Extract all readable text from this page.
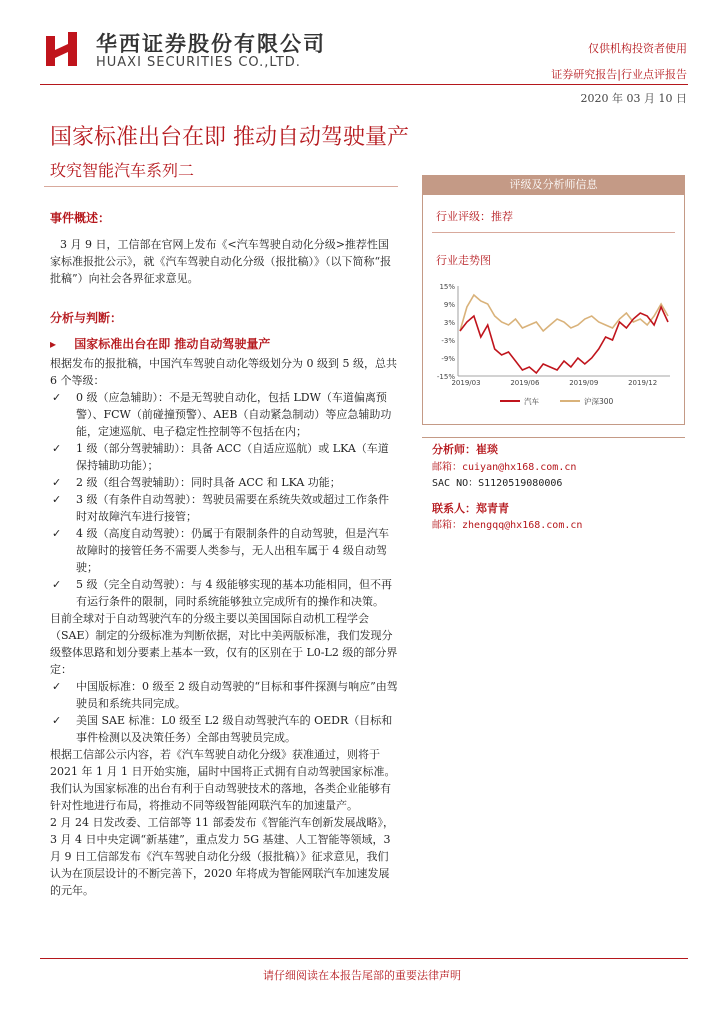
华西证券股份有限公司
HUAXI SECURITIES CO.,LTD.
仅供机构投资者使用
证券研究报告|行业点评报告
2020 年 03 月 10 日
国家标准出台在即 推动自动驾驶量产
玫究智能汽车系列二
事件概述：
3 月 9 日，工信部在官网上发布《<汽车驾驶自动化分级>推荐性国家标准报批公示》，就《汽车驾驶自动化分级（报批稿）》（以下简称“报批稿”）向社会各界征求意见。
分析与判断：
▸ 国家标准出台在即 推动自动驾驶量产

根据发布的报批稿，中国汽车驾驶自动化等级划分为 0 级到 5 级，总共 6 个等级：

✓ 0 级（应急辅助）：不是无驾驶自动化，包括 LDW（车道偏离预警）、FCW（前碰撞预警）、AEB（自动紧急制动）等应急辅助功能，定速巡航、电子稳定性控制等不包括在内；

✓ 1 级（部分驾驶辅助）：具备 ACC（自适应巡航）或 LKA（车道保持辅助功能）；

✓ 2 级（组合驾驶辅助）：同时具备 ACC 和 LKA 功能；

✓ 3 级（有条件自动驾驶）：驾驶员需要在系统失效或超过工作条件时对故障汽车进行接管；

✓ 4 级（高度自动驾驶）：仍属于有限制条件的自动驾驶，但是汽车故障时的接管任务不需要人类参与，无人出租车属于 4 级自动驾驶；

✓ 5 级（完全自动驾驶）：与 4 级能够实现的基本功能相同，但不再有运行条件的限制，同时系统能够独立完成所有的操作和决策。

目前全球对于自动驾驶汽车的分级主要以美国国际自动机工程学会（SAE）制定的分级标准为判断依据，对比中美两版标准，我们发现分级整体思路和划分要素上基本一致，仅有的区别在于 L0-L2 级的部分界定：

✓ 中国版标准：0 级至 2 级自动驾驶的“目标和事件探测与响应”由驾驶员和系统共同完成。

✓ 美国 SAE 标准：L0 级至 L2 级自动驾驶汽车的 OEDR（目标和事件检测以及决策任务）全部由驾驶员完成。

根据工信部公示内容，若《汽车驾驶自动化分级》获准通过，则将于 2021 年 1 月 1 日开始实施，届时中国将正式拥有自动驾驶国家标准。我们认为国家标准的出台有利于自动驾驶技术的落地，各类企业能够有针对性地进行布局，将推动不同等级智能网联汽车的加速量产。

2 月 24 日发改委、工信部等 11 部委发布《智能汽车创新发展战略》，3 月 4 日中央定调“新基建”，重点发力 5G 基建、人工智能等领域，3 月 9 日工信部发布《汽车驾驶自动化分级（报批稿）》征求意见，我们认为在顶层设计的不断完善下，2020 年将成为智能网联汽车加速发展的元年。

评级及分析师信息
行业评级：推荐
行业走势图
15%
9%
3%
-3%
-9%
-15%
2019/03	2019/06	2019/09	2019/12
汽车	沪深300
分析师：崔琰
邮箱：cuiyan@hx168.com.cn
SAC NO：S1120519080006
联系人：郑青青
邮箱：zhengqq@hx168.com.cn
请仔细阅读在本报告尾部的重要法律声明
